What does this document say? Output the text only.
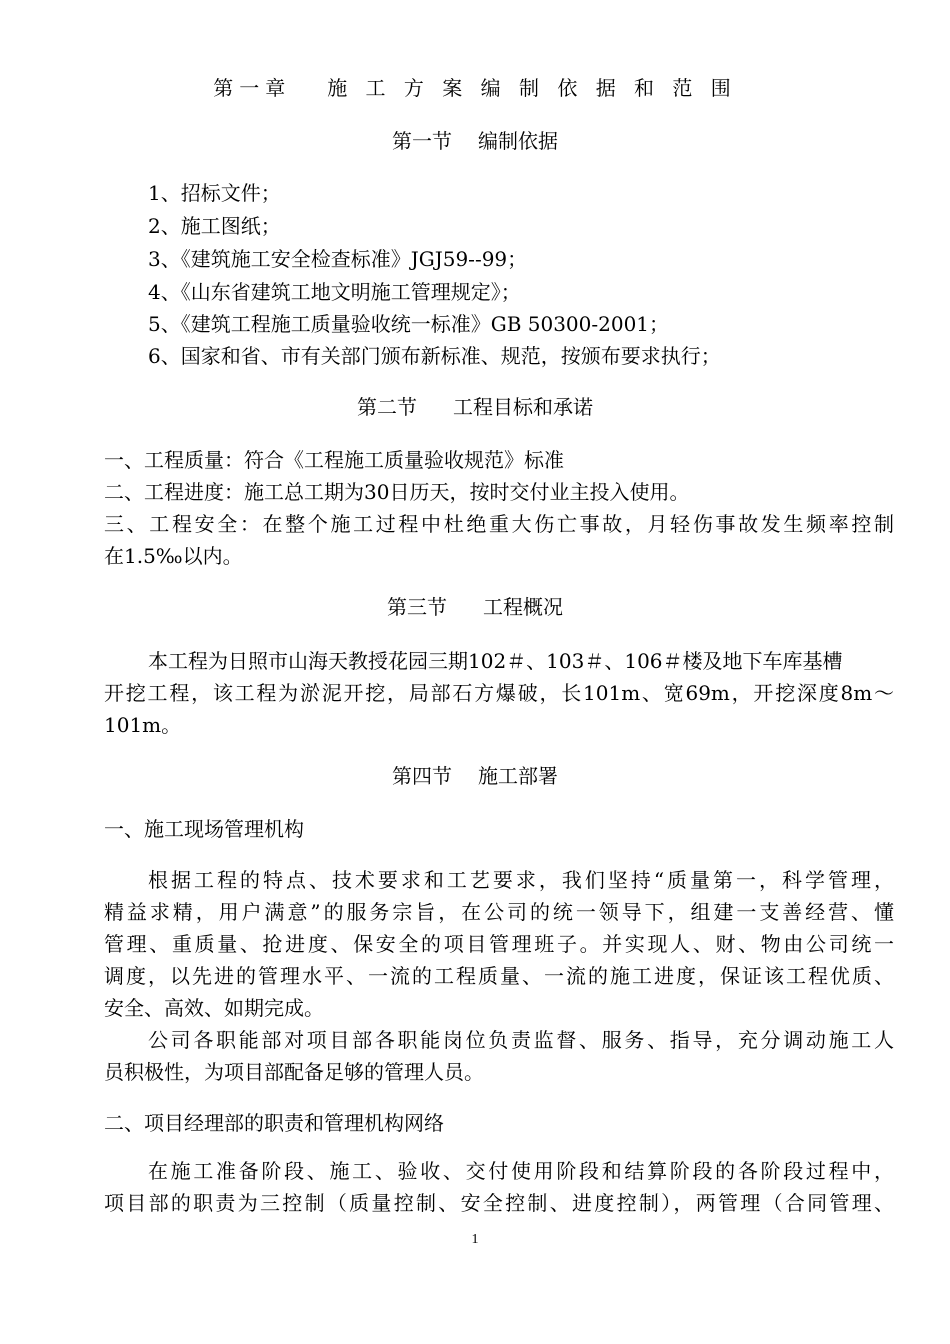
第一章 施 工 方 案 编 制 依 据 和 范 围
第一节 编制依据
1、招标文件；
2、施工图纸；
3、《建筑施工安全检查标准》JGJ59--99；
4、《山东省建筑工地文明施工管理规定》；
5、《建筑工程施工质量验收统一标准》GB 50300-2001；
6、国家和省、市有关部门颁布新标准、规范，按颁布要求执行；
第二节 工程目标和承诺
一、工程质量：符合《工程施工质量验收规范》标准
二、工程进度：施工总工期为30日历天，按时交付业主投入使用。
三、工程安全：在整个施工过程中杜绝重大伤亡事故，月轻伤事故发生频率控制
在1.5‰以内。
第三节 工程概况
本工程为日照市山海天教授花园三期102＃、103＃、106＃楼及地下车库基槽
开挖工程，该工程为淤泥开挖，局部石方爆破，长101m、宽69m，开挖深度8m～
101m。
第四节 施工部署
一、施工现场管理机构
根据工程的特点、技术要求和工艺要求，我们坚持“质量第一，科学管理，
精益求精，用户满意”的服务宗旨，在公司的统一领导下，组建一支善经营、懂
管理、重质量、抢进度、保安全的项目管理班子。并实现人、财、物由公司统一
调度，以先进的管理水平、一流的工程质量、一流的施工进度，保证该工程优质、
安全、高效、如期完成。
公司各职能部对项目部各职能岗位负责监督、服务、指导，充分调动施工人
员积极性，为项目部配备足够的管理人员。
二、项目经理部的职责和管理机构网络
在施工准备阶段、施工、验收、交付使用阶段和结算阶段的各阶段过程中，
项目部的职责为三控制（质量控制、安全控制、进度控制），两管理（合同管理、
1
